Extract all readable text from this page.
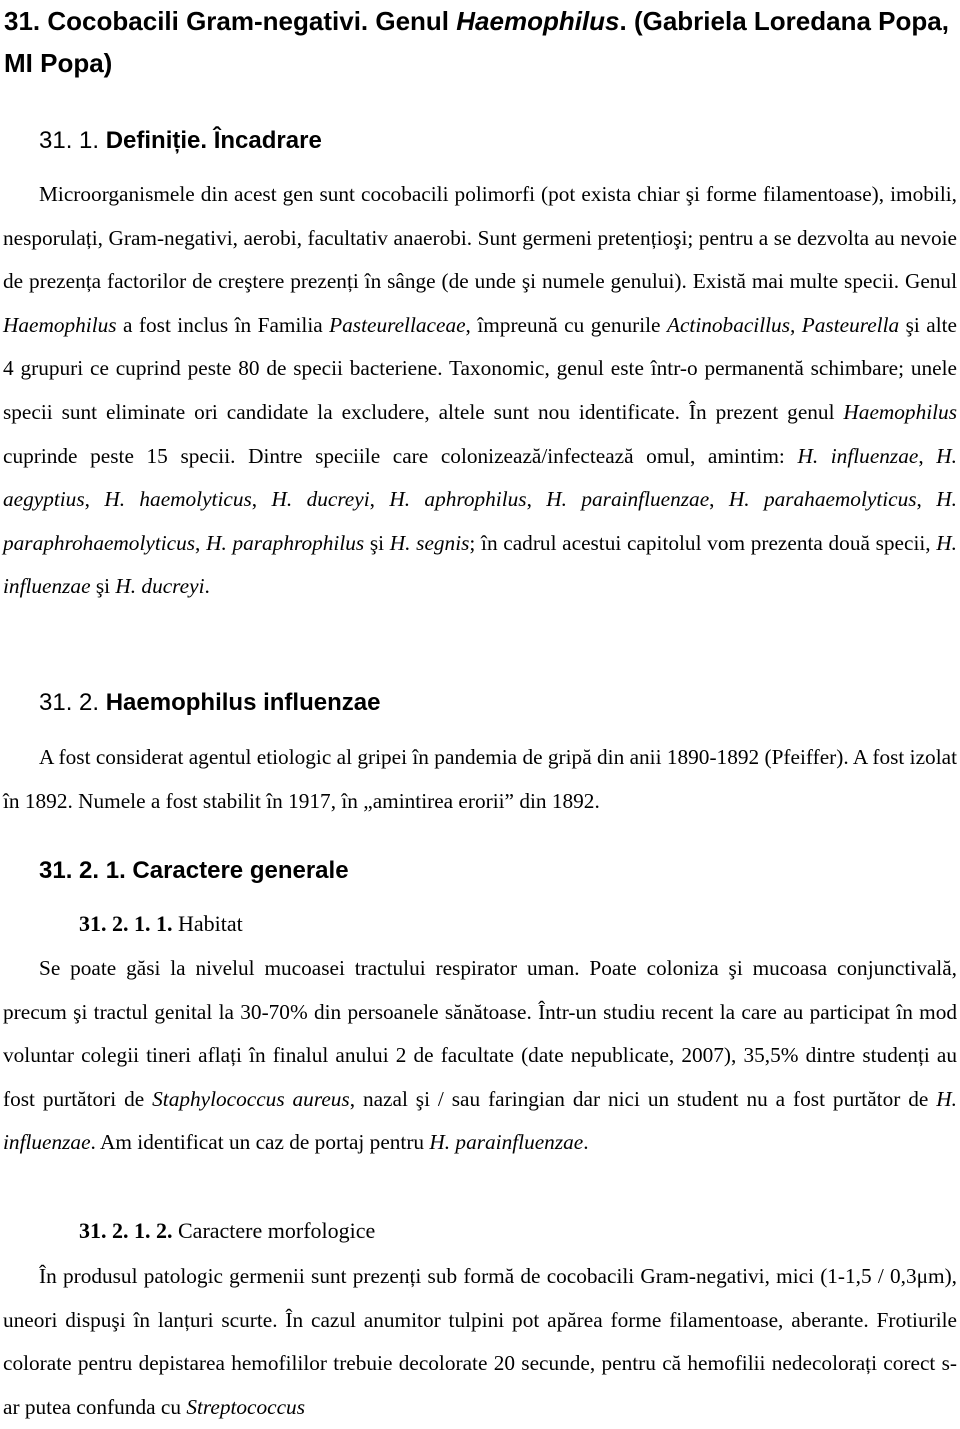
31. Cocobacili Gram-negativi. Genul Haemophilus. (Gabriela Loredana Popa, MI Popa)
31. 1. Definiție. Încadrare

Microorganismele din acest gen sunt cocobacili polimorfi (pot exista chiar şi forme filamentoase), imobili, nesporulați, Gram-negativi, aerobi, facultativ anaerobi. Sunt germeni pretențioşi; pentru a se dezvolta au nevoie de prezența factorilor de creştere prezenți în sânge (de unde şi numele genului). Există mai multe specii. Genul Haemophilus a fost inclus în Familia Pasteurellaceae, împreună cu genurile Actinobacillus, Pasteurella şi alte 4 grupuri ce cuprind peste 80 de specii bacteriene. Taxonomic, genul este într-o permanentă schimbare; unele specii sunt eliminate ori candidate la excludere, altele sunt nou identificate. În prezent genul Haemophilus cuprinde peste 15 specii. Dintre speciile care colonizează/infectează omul, amintim: H. influenzae, H. aegyptius, H. haemolyticus, H. ducreyi, H. aphrophilus, H. parainfluenzae, H. parahaemolyticus, H. paraphrohaemolyticus, H. paraphrophilus şi H. segnis; în cadrul acestui capitolul vom prezenta două specii, H. influenzae şi H. ducreyi.

31. 2. Haemophilus influenzae

A fost considerat agentul etiologic al gripei în pandemia de gripă din anii 1890-1892 (Pfeiffer). A fost izolat în 1892. Numele a fost stabilit în 1917, în „amintirea erorii” din 1892.

31. 2. 1. Caractere generale
31. 2. 1. 1. Habitat

Se poate găsi la nivelul mucoasei tractului respirator uman. Poate coloniza şi mucoasa conjunctivală, precum şi tractul genital la 30-70% din persoanele sănătoase. Într-un studiu recent la care au participat în mod voluntar colegii tineri aflați în finalul anului 2 de facultate (date nepublicate, 2007), 35,5% dintre studenți au fost purtători de Staphylococcus aureus, nazal şi / sau faringian dar nici un student nu a fost purtător de H. influenzae. Am identificat un caz de portaj pentru H. parainfluenzae.

31. 2. 1. 2. Caractere morfologice

În produsul patologic germenii sunt prezenți sub formă de cocobacili Gram-negativi, mici (1-1,5 / 0,3μm), uneori dispuşi în lanțuri scurte. În cazul anumitor tulpini pot apărea forme filamentoase, aberante. Frotiurile colorate pentru depistarea hemofililor trebuie decolorate 20 secunde, pentru că hemofilii nedecolorați corect s-ar putea confunda cu Streptococcus
